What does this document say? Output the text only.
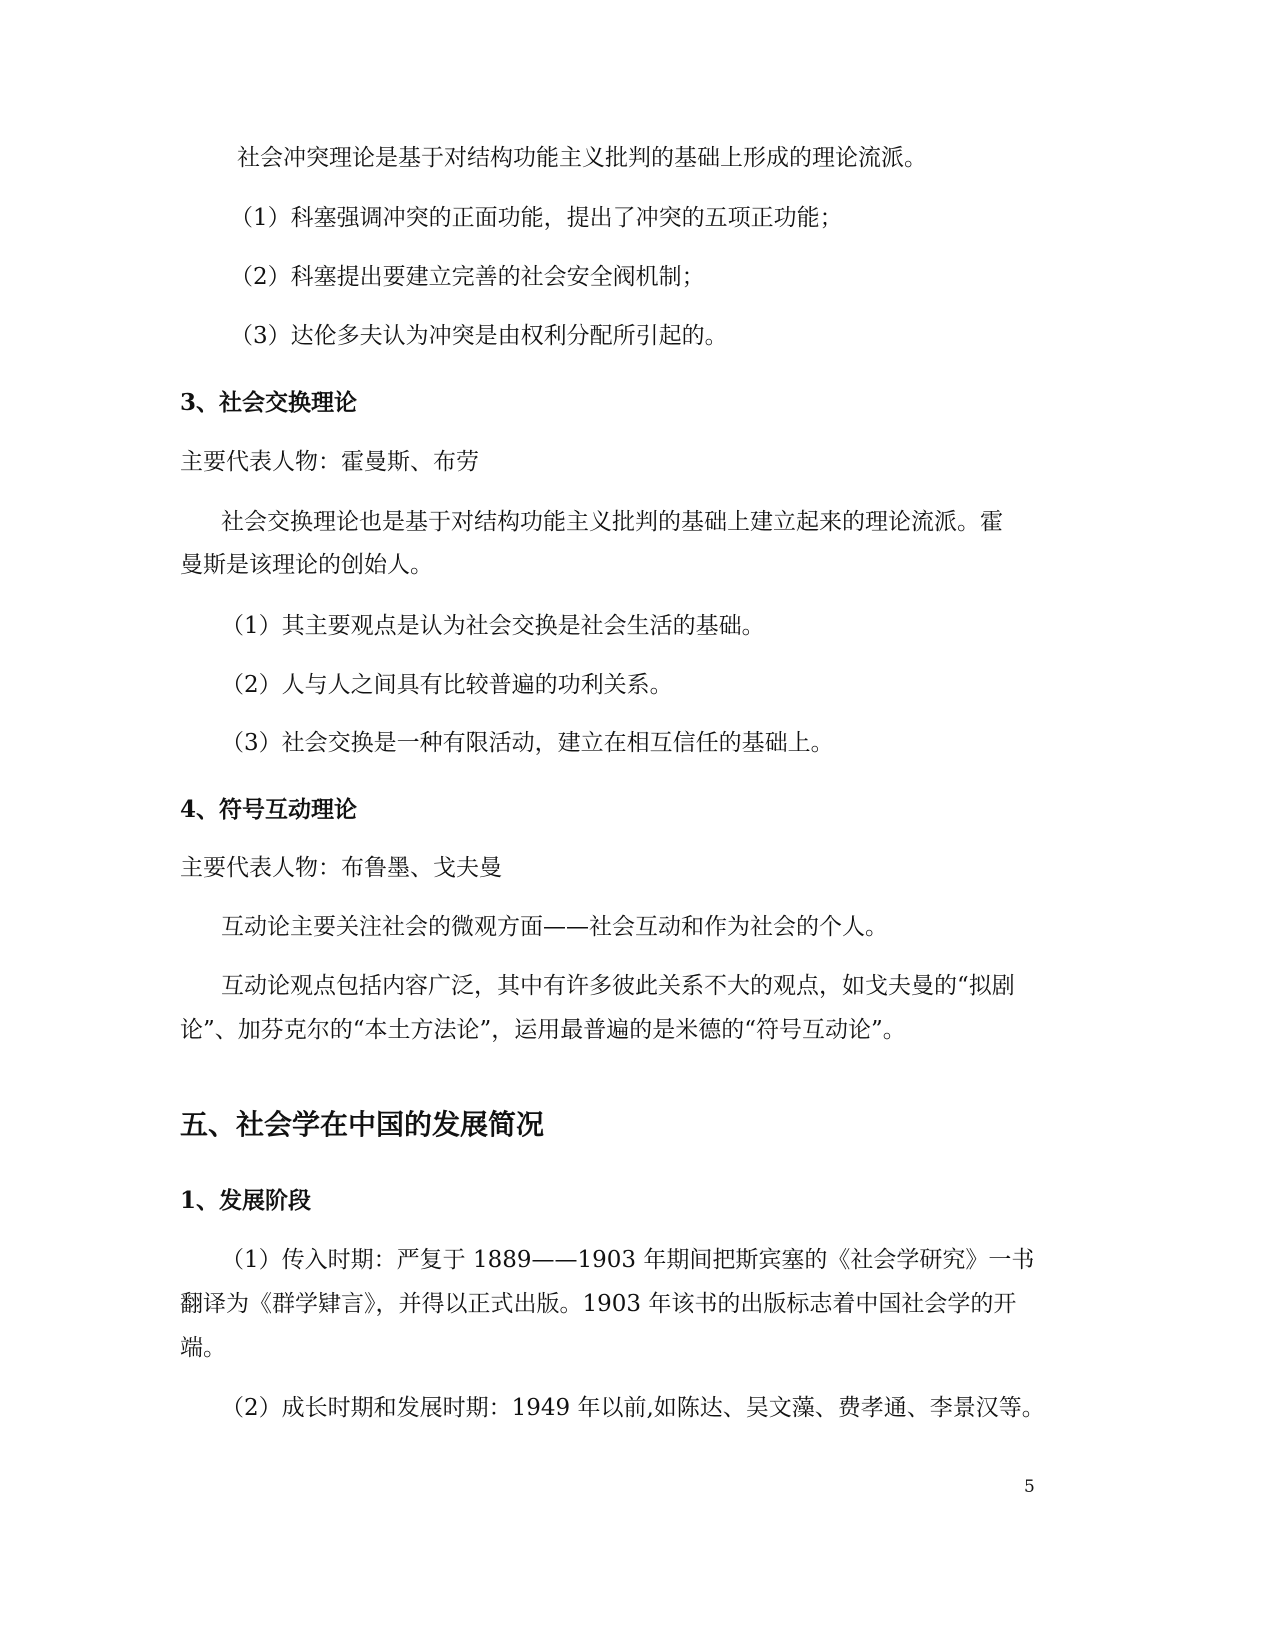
社会冲突理论是基于对结构功能主义批判的基础上形成的理论流派。
（1）科塞强调冲突的正面功能，提出了冲突的五项正功能；
（2）科塞提出要建立完善的社会安全阀机制；
（3）达伦多夫认为冲突是由权利分配所引起的。
3、社会交换理论
主要代表人物：霍曼斯、布劳
社会交换理论也是基于对结构功能主义批判的基础上建立起来的理论流派。霍
曼斯是该理论的创始人。
（1）其主要观点是认为社会交换是社会生活的基础。
（2）人与人之间具有比较普遍的功利关系。
（3）社会交换是一种有限活动，建立在相互信任的基础上。
4、符号互动理论
主要代表人物：布鲁墨、戈夫曼
互动论主要关注社会的微观方面——社会互动和作为社会的个人。
互动论观点包括内容广泛，其中有许多彼此关系不大的观点，如戈夫曼的“拟剧
论”、加芬克尔的“本土方法论”，运用最普遍的是米德的“符号互动论”。
五、社会学在中国的发展简况
1、发展阶段
（1）传入时期：严复于 1889——1903 年期间把斯宾塞的《社会学研究》一书
翻译为《群学肄言》，并得以正式出版。1903 年该书的出版标志着中国社会学的开
端。
（2）成长时期和发展时期：1949 年以前,如陈达、吴文藻、费孝通、李景汉等。
5
